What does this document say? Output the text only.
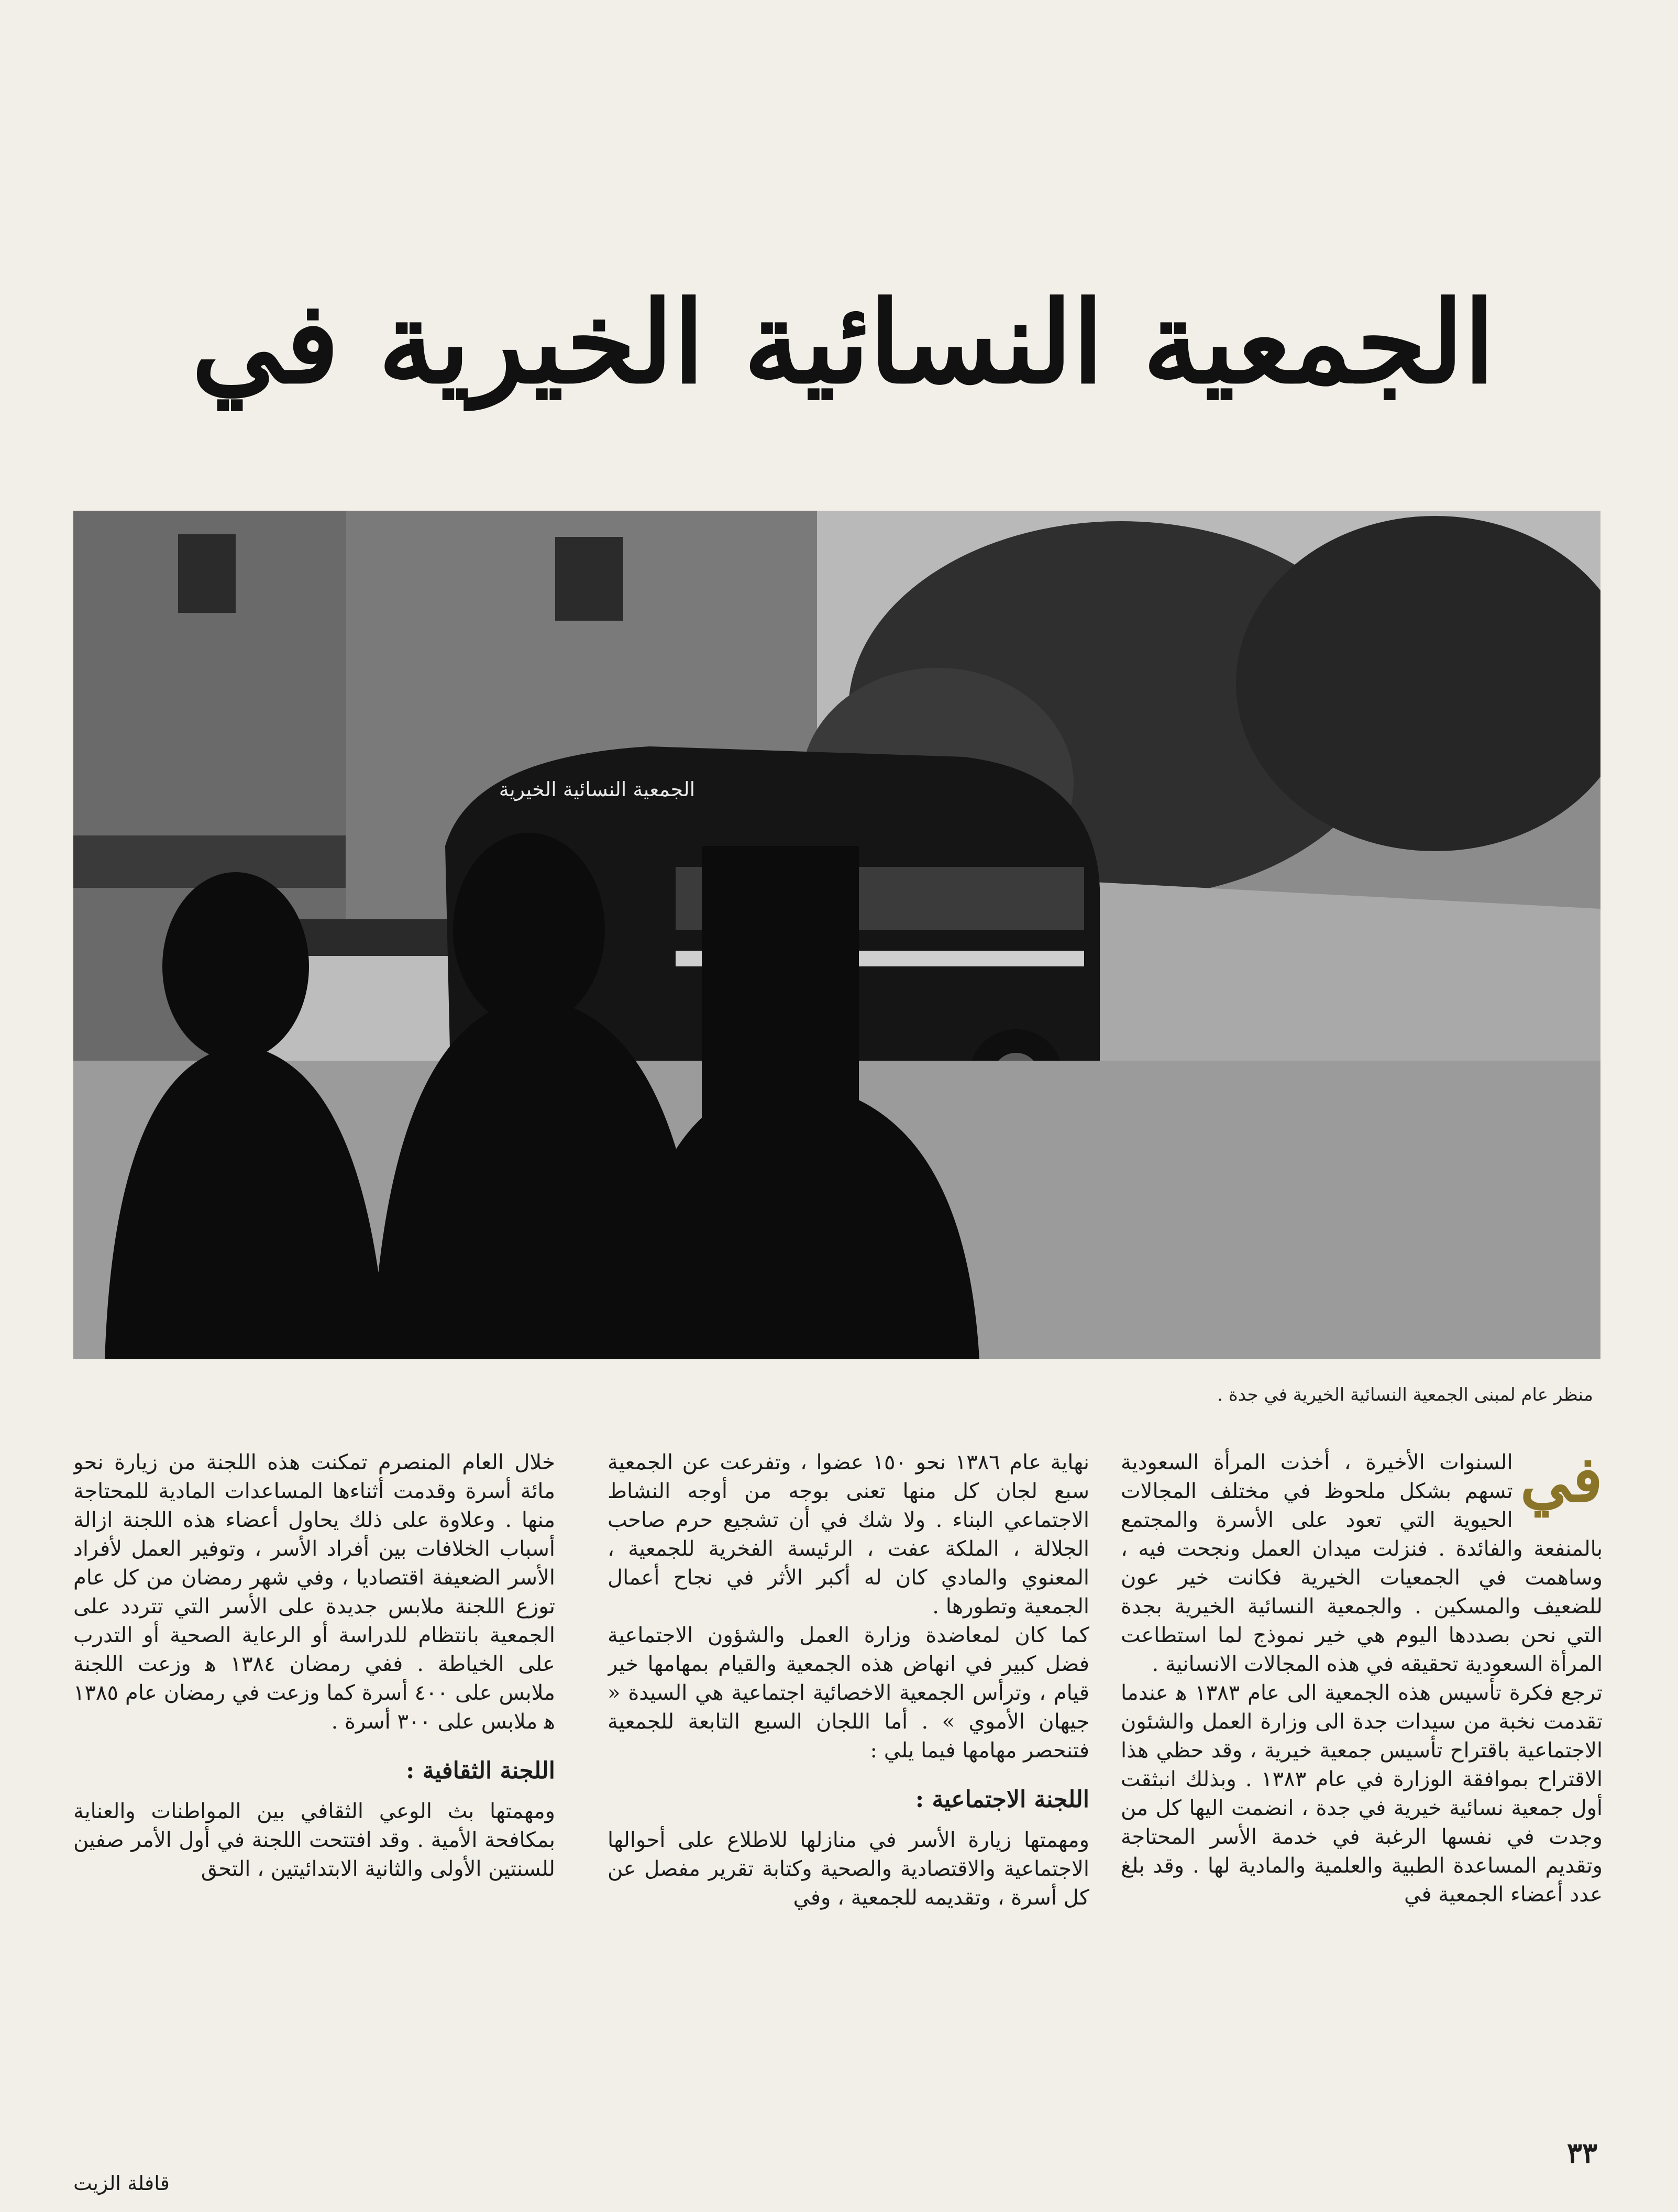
الجمعية النسائية الخيرية في
الجمعية النسائية الخيرية
منظر عام لمبنى الجمعية النسائية الخيرية في جدة .
في

السنوات الأخيرة ، أخذت المرأة السعودية تسهم بشكل ملحوظ في مختلف المجالات الحيوية التي تعود على الأسرة والمجتمع بالمنفعة والفائدة . فنزلت ميدان العمل ونجحت فيه ، وساهمت في الجمعيات الخيرية فكانت خير عون للضعيف والمسكين . والجمعية النسائية الخيرية بجدة التي نحن بصددها اليوم هي خير نموذج لما استطاعت المرأة السعودية تحقيقه في هذه المجالات الانسانية .

ترجع فكرة تأسيس هذه الجمعية الى عام ١٣٨٣ ﻫ عندما تقدمت نخبة من سيدات جدة الى وزارة العمل والشئون الاجتماعية باقتراح تأسيس جمعية خيرية ، وقد حظي هذا الاقتراح بموافقة الوزارة في عام ١٣٨٣ . وبذلك انبثقت أول جمعية نسائية خيرية في جدة ، انضمت اليها كل من وجدت في نفسها الرغبة في خدمة الأسر المحتاجة وتقديم المساعدة الطبية والعلمية والمادية لها . وقد بلغ عدد أعضاء الجمعية في

نهاية عام ١٣٨٦ نحو ١٥٠ عضوا ، وتفرعت عن الجمعية سبع لجان كل منها تعنى بوجه من أوجه النشاط الاجتماعي البناء . ولا شك في أن تشجيع حرم صاحب الجلالة ، الملكة عفت ، الرئيسة الفخرية للجمعية ، المعنوي والمادي كان له أكبر الأثر في نجاح أعمال الجمعية وتطورها .

كما كان لمعاضدة وزارة العمل والشؤون الاجتماعية فضل كبير في انهاض هذه الجمعية والقيام بمهامها خير قيام ، وترأس الجمعية الاخصائية اجتماعية هي السيدة « جيهان الأموي » . أما اللجان السبع التابعة للجمعية فتنحصر مهامها فيما يلي :

اللجنة الاجتماعية :

ومهمتها زيارة الأسر في منازلها للاطلاع على أحوالها الاجتماعية والاقتصادية والصحية وكتابة تقرير مفصل عن كل أسرة ، وتقديمه للجمعية ، وفي

خلال العام المنصرم تمكنت هذه اللجنة من زيارة نحو مائة أسرة وقدمت أثناءها المساعدات المادية للمحتاجة منها . وعلاوة على ذلك يحاول أعضاء هذه اللجنة ازالة أسباب الخلافات بين أفراد الأسر ، وتوفير العمل لأفراد الأسر الضعيفة اقتصاديا ، وفي شهر رمضان من كل عام توزع اللجنة ملابس جديدة على الأسر التي تتردد على الجمعية بانتظام للدراسة أو الرعاية الصحية أو التدرب على الخياطة . ففي رمضان ١٣٨٤ ﻫ وزعت اللجنة ملابس على ٤٠٠ أسرة كما وزعت في رمضان عام ١٣٨٥ ﻫ ملابس على ٣٠٠ أسرة .

اللجنة الثقافية :

ومهمتها بث الوعي الثقافي بين المواطنات والعناية بمكافحة الأمية . وقد افتتحت اللجنة في أول الأمر صفين للسنتين الأولى والثانية الابتدائيتين ، التحق

٣٣
قافلة الزيت
